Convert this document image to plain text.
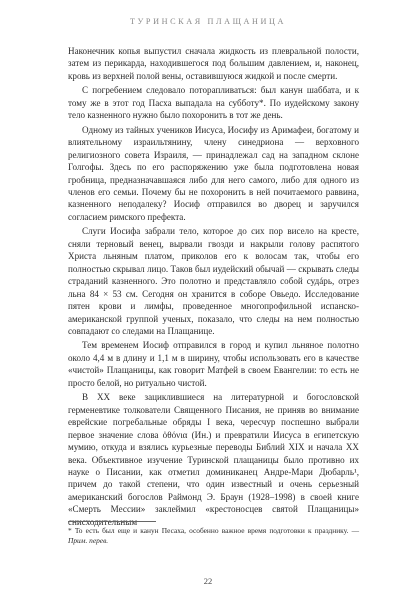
ТУРИНСКАЯ ПЛАЩАНИЦА

Наконечник копья выпустил сначала жидкость из плевральной полости, затем из перикарда, находившегося под большим давлением, и, наконец, кровь из верхней полой вены, оставившуюся жидкой и после смерти.

С погребением следовало поторапливаться: был канун шаббата, и к тому же в этот год Пасха выпадала на субботу*. По иудейскому закону тело казненного нужно было похоронить в тот же день.

Одному из тайных учеников Иисуса, Иосифу из Аримафеи, богатому и влиятельному израильтянину, члену синедриона — верховного религиозного совета Израиля, — принадлежал сад на западном склоне Голгофы. Здесь по его распоряжению уже была подготовлена новая гробница, предназначавшаяся либо для него самого, либо для одного из членов его семьи. Почему бы не похоронить в ней почитаемого раввина, казненного неподалеку? Иосиф отправился во дворец и заручился согласием римского префекта.

Слуги Иосифа забрали тело, которое до сих пор висело на кресте, сняли терновый венец, вырвали гвозди и накрыли голову распятого Христа льняным платом, приколов его к волосам так, чтобы его полностью скрывал лицо. Таков был иудейский обычай — скрывать следы страданий казненного. Это полотно и представляло собой судáрь, отрез льна 84 × 53 см. Сегодня он хранится в соборе Овьедо. Исследование пятен крови и лимфы, проведенное многопрофильной испанско-американской группой ученых, показало, что следы на нем полностью совпадают со следами на Плащанице.

Тем временем Иосиф отправился в город и купил льняное полотно около 4,4 м в длину и 1,1 м в ширину, чтобы использовать его в качестве «чистой» Плащаницы, как говорит Матфей в своем Евангелии: то есть не просто белой, но ритуально чистой.

В XX веке зациклившиеся на литературной и богословской герменевтике толкователи Священного Писания, не приняв во внимание еврейские погребальные обряды I века, чересчур поспешно выбрали первое значение слова ὀθόνια (Ин.) и превратили Иисуса в египетскую мумию, откуда и взялись курьезные переводы Библий XIX и начала XX века. Объективное изучение Туринской плащаницы было противно их науке о Писании, как отметил доминиканец Андре-Мари Дюбарль¹, причем до такой степени, что один известный и очень серьезный американский богослов Раймонд Э. Браун (1928–1998) в своей книге «Смерть Мессии» заклеймил «крестоносцев святой Плащаницы» снисходительным

* То есть был еще и канун Песаха, особенно важное время подготовки к празднику. — Прим. перев.
22
